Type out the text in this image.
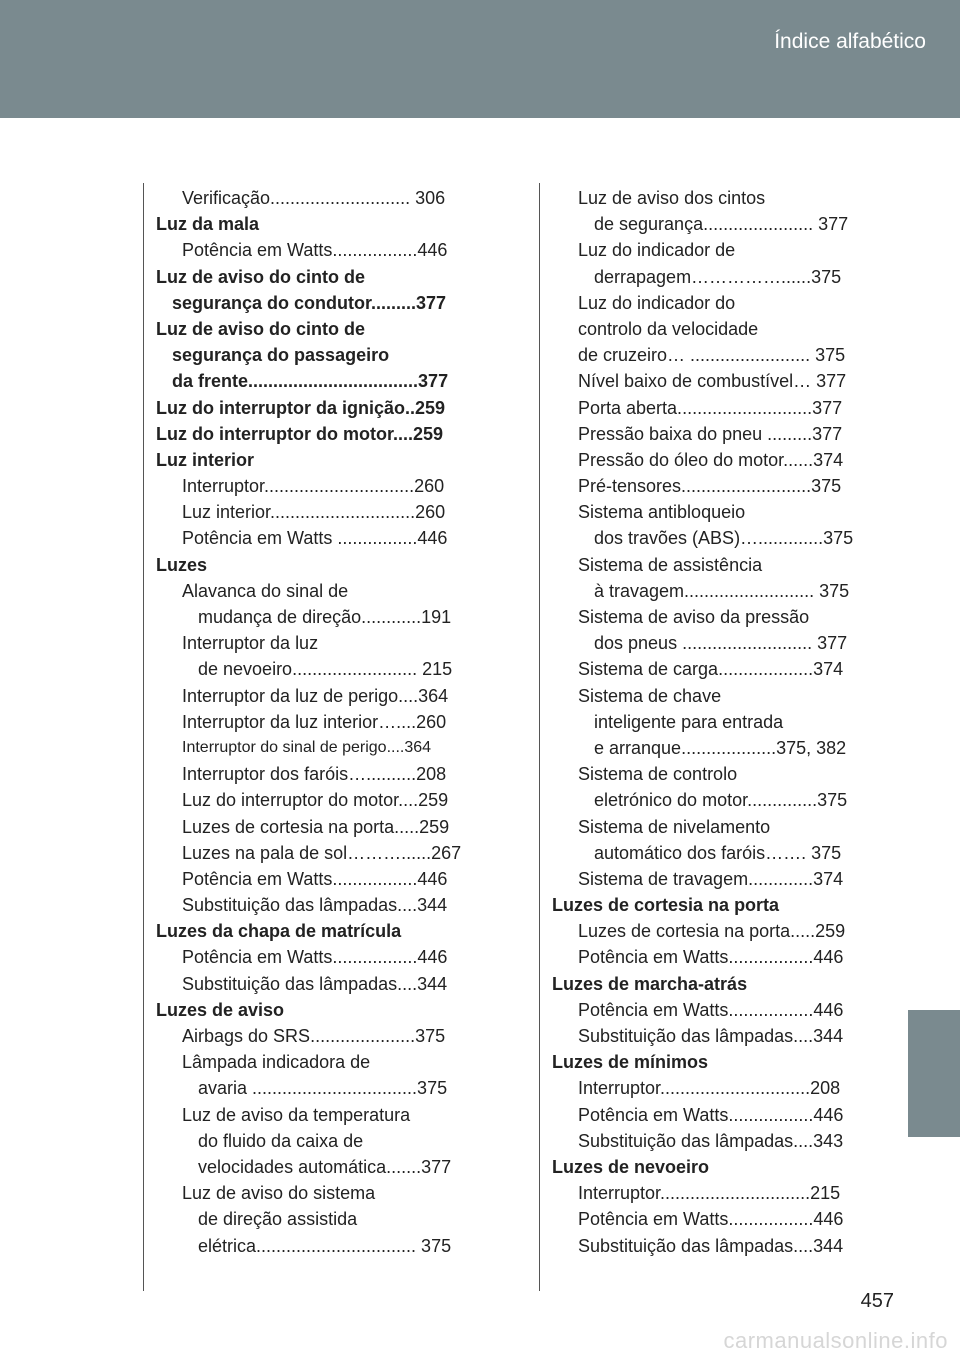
Índice alfabético
Verificação............................ 306
Luz da mala
Potência em Watts.................446
Luz de aviso do cinto de
segurança do condutor.........377
Luz de aviso do cinto de
segurança do passageiro
da frente..................................377
Luz do interruptor da ignição..259
Luz do interruptor do motor....259
Luz interior
Interruptor..............................260
Luz interior.............................260
Potência em Watts ................446
Luzes
Alavanca do sinal de
mudança de direção............191
Interruptor da luz
de nevoeiro......................... 215
Interruptor da luz de perigo....364
Interruptor da luz interior…....260
Interruptor do sinal de perigo....364
Interruptor dos faróis…..........208
Luz do interruptor do motor....259
Luzes de cortesia na porta.....259
Luzes na pala de sol………......267
Potência em Watts.................446
Substituição das lâmpadas....344
Luzes da chapa de matrícula
Potência em Watts.................446
Substituição das lâmpadas....344
Luzes de aviso
Airbags do SRS.....................375
Lâmpada indicadora de
avaria .................................375
Luz de aviso da temperatura
do fluido da caixa de
velocidades automática.......377
Luz de aviso do sistema
de direção assistida
elétrica................................ 375
Luz de aviso dos cintos
de segurança...................... 377
Luz do indicador de
derrapagem……………......375
Luz do indicador do
controlo da velocidade
de cruzeiro… ........................ 375
Nível baixo de combustível… 377
Porta aberta...........................377
Pressão baixa do pneu .........377
Pressão do óleo do motor......374
Pré-tensores..........................375
Sistema antibloqueio
dos travões (ABS)….............375
Sistema de assistência
à travagem.......................... 375
Sistema de aviso da pressão
dos pneus .......................... 377
Sistema de carga...................374
Sistema de chave
inteligente para entrada
e arranque...................375, 382
Sistema de controlo
eletrónico do motor..............375
Sistema de nivelamento
automático dos faróis……. 375
Sistema de travagem.............374
Luzes de cortesia na porta
Luzes de cortesia na porta.....259
Potência em Watts.................446
Luzes de marcha-atrás
Potência em Watts.................446
Substituição das lâmpadas....344
Luzes de mínimos
Interruptor..............................208
Potência em Watts.................446
Substituição das lâmpadas....343
Luzes de nevoeiro
Interruptor..............................215
Potência em Watts.................446
Substituição das lâmpadas....344
457
carmanualsonline.info
